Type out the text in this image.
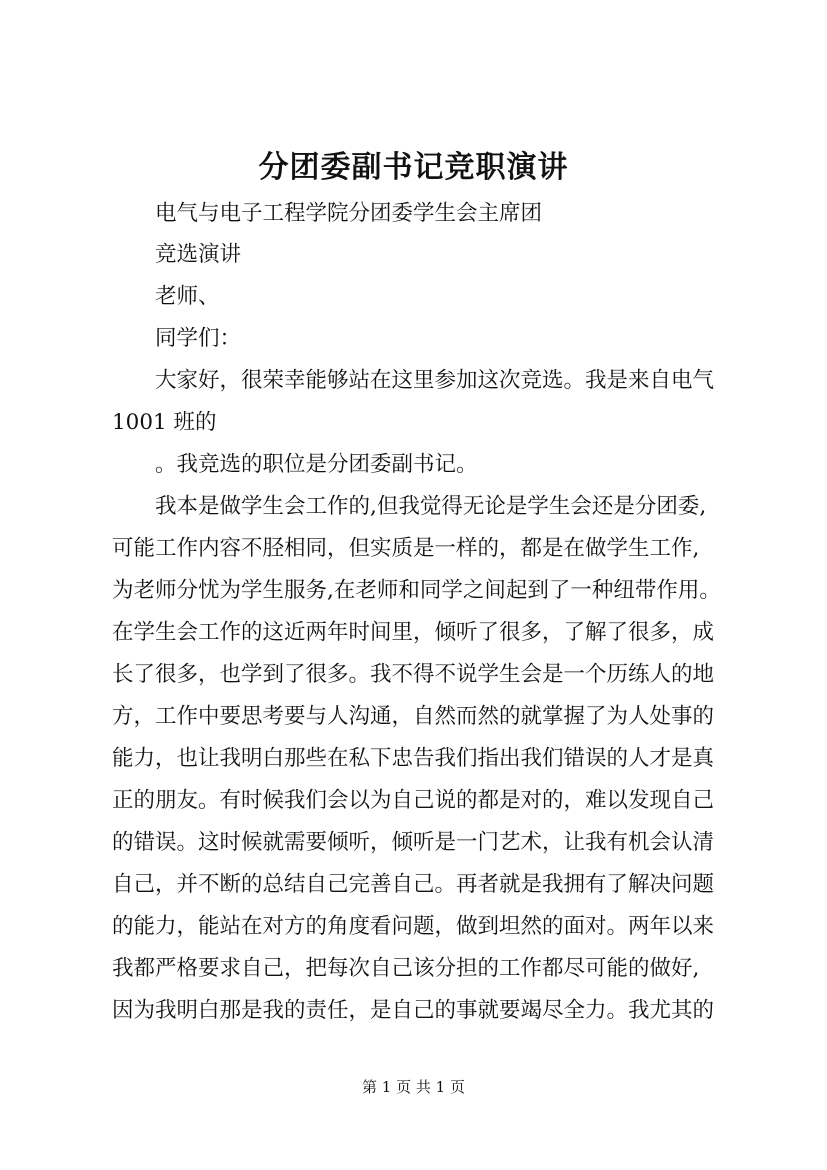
分团委副书记竞职演讲
电气与电子工程学院分团委学生会主席团
竞选演讲
老师、
同学们：
大家好，很荣幸能够站在这里参加这次竞选。我是来自电气
1001 班的
。我竞选的职位是分团委副书记。
我本是做学生会工作的,但我觉得无论是学生会还是分团委,
可能工作内容不胫相同，但实质是一样的，都是在做学生工作,
为老师分忧为学生服务,在老师和同学之间起到了一种纽带作用。
在学生会工作的这近两年时间里，倾听了很多，了解了很多，成
长了很多，也学到了很多。我不得不说学生会是一个历练人的地
方，工作中要思考要与人沟通，自然而然的就掌握了为人处事的
能力，也让我明白那些在私下忠告我们指出我们错误的人才是真
正的朋友。有时候我们会以为自己说的都是对的，难以发现自己
的错误。这时候就需要倾听，倾听是一门艺术，让我有机会认清
自己，并不断的总结自己完善自己。再者就是我拥有了解决问题
的能力，能站在对方的角度看问题，做到坦然的面对。两年以来
我都严格要求自己，把每次自己该分担的工作都尽可能的做好,
因为我明白那是我的责任，是自己的事就要竭尽全力。我尤其的
第 1 页 共 1 页
